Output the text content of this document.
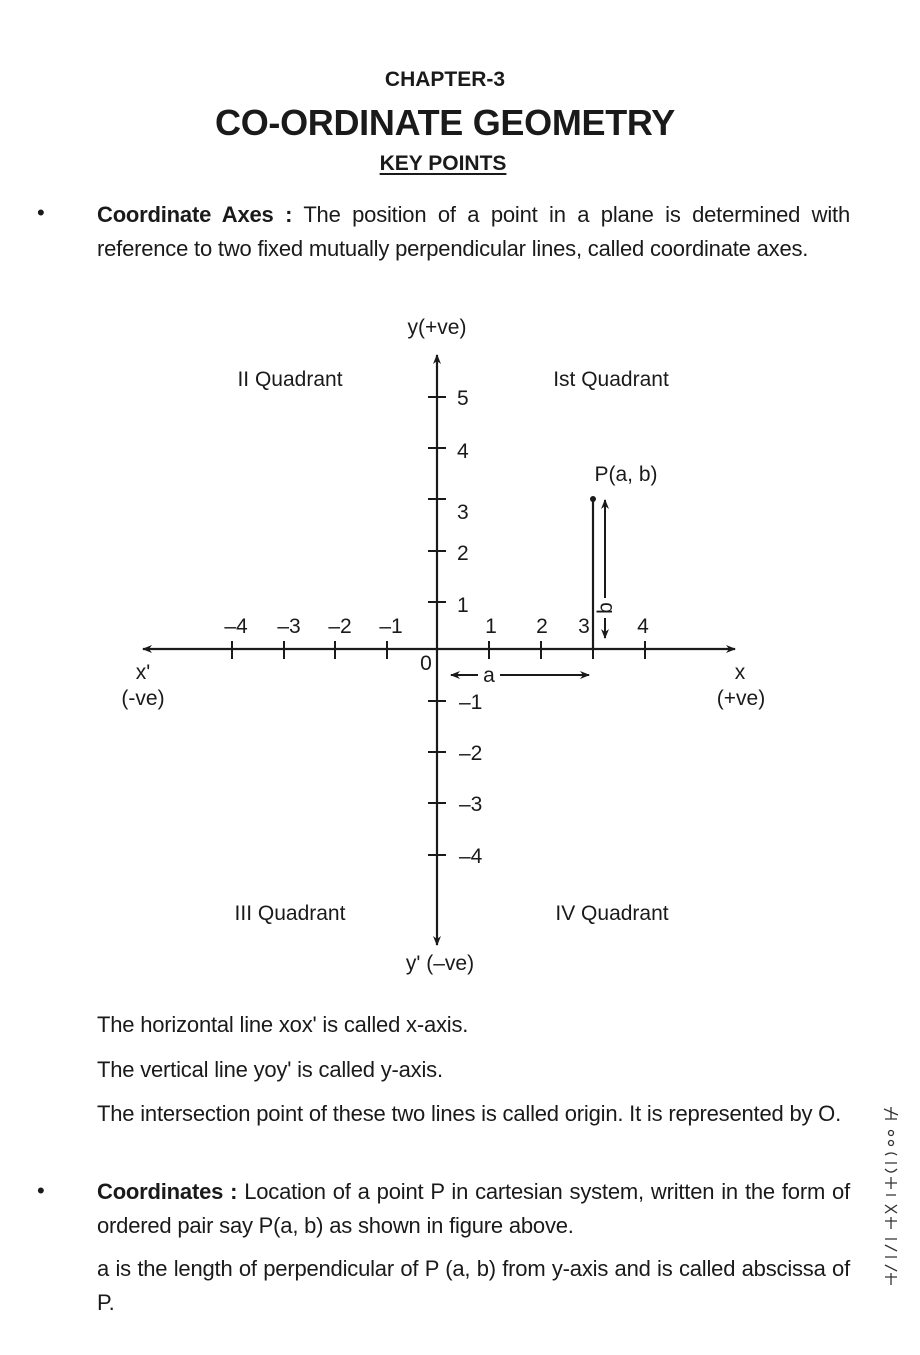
CHAPTER-3
CO-ORDINATE GEOMETRY
KEY POINTS
• Coordinate Axes : The position of a point in a plane is determined with reference to two fixed mutually perpendicular lines, called coordinate axes.
–4 –3 –2 –1	1 2 3 4
5
4
3
2
1
–1
–2
–3
–4
y(+ve)
y' (–ve)
x
(+ve)
x'
(-ve)
0
Ist Quadrant
II Quadrant
III Quadrant	IV Quadrant
P(a, b)
b
a
The horizontal line xox' is called x-axis.
The vertical line yoy' is called y-axis.
The intersection point of these two lines is called origin. It is represented by O.
• Coordinates : Location of a point P in cartesian system, written in the form of ordered pair say P(a, b) as shown in figure above.
a is the length of perpendicular of P (a, b) from y-axis and is called abscissa of P.
